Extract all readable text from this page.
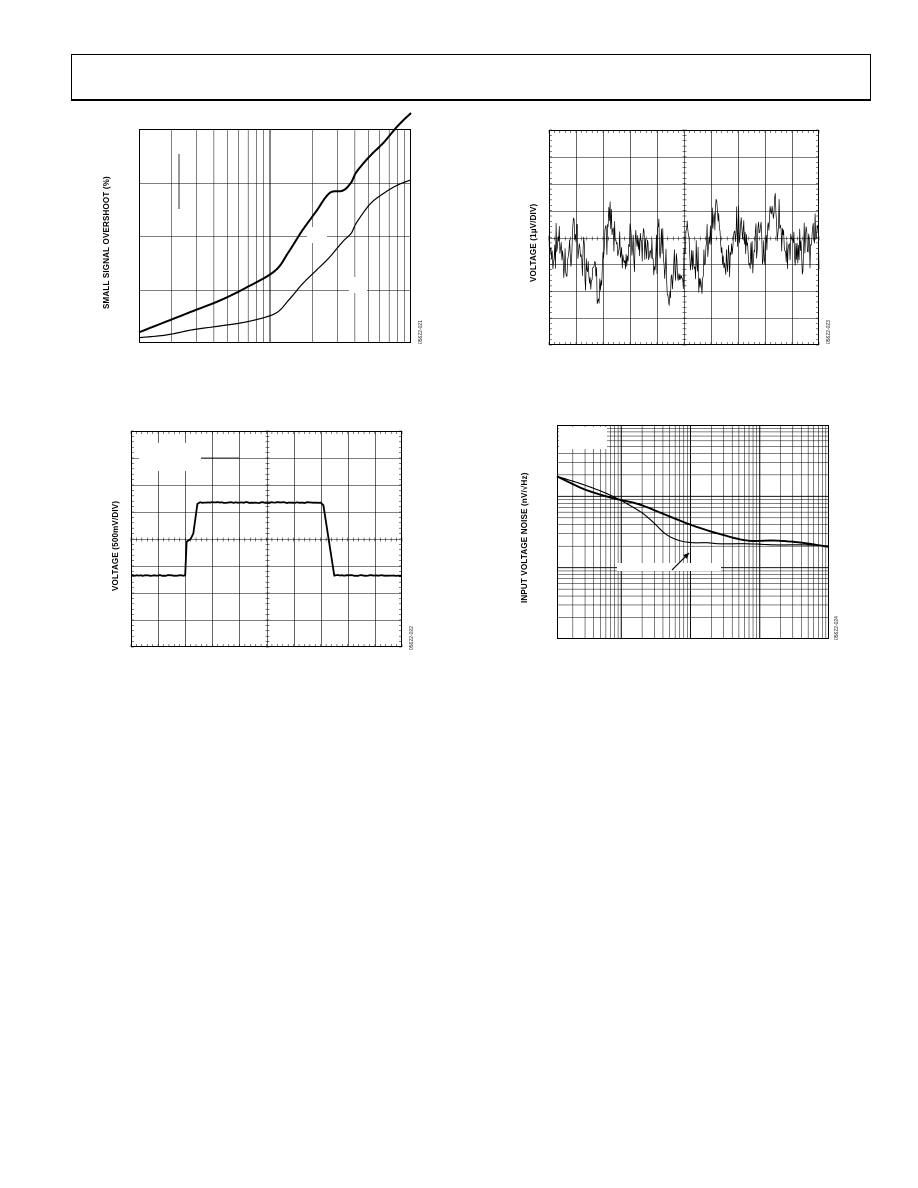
SMALL SIGNAL OVERSHOOT (%)
05622-021
VOLTAGE (1µV/DIV)
05622-023
VOLTAGE (500mV/DIV)
05622-022
INPUT VOLTAGE NOISE (nV/√Hz)
05622-024
